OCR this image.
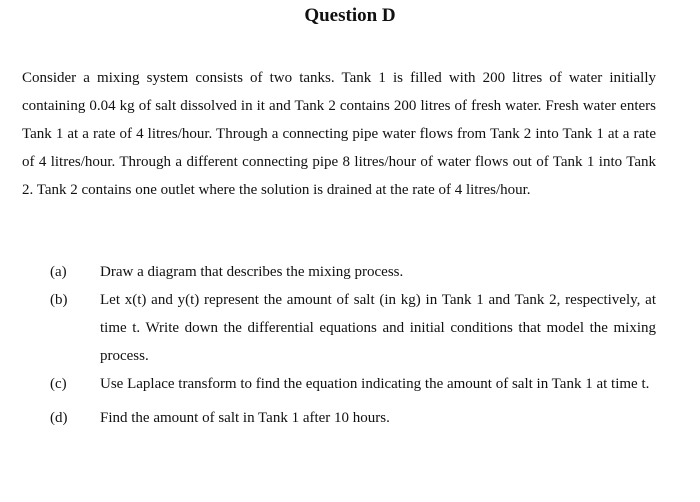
Question D

Consider a mixing system consists of two tanks. Tank 1 is filled with 200 litres of water initially containing 0.04 kg of salt dissolved in it and Tank 2 contains 200 litres of fresh water. Fresh water enters Tank 1 at a rate of 4 litres/hour. Through a connecting pipe water flows from Tank 2 into Tank 1 at a rate of 4 litres/hour. Through a different connecting pipe 8 litres/hour of water flows out of Tank 1 into Tank 2. Tank 2 contains one outlet where the solution is drained at the rate of 4 litres/hour.

(a) Draw a diagram that describes the mixing process.
(b) Let x(t) and y(t) represent the amount of salt (in kg) in Tank 1 and Tank 2, respectively, at time t. Write down the differential equations and initial conditions that model the mixing process.
(c) Use Laplace transform to find the equation indicating the amount of salt in Tank 1 at time t.
(d) Find the amount of salt in Tank 1 after 10 hours.
